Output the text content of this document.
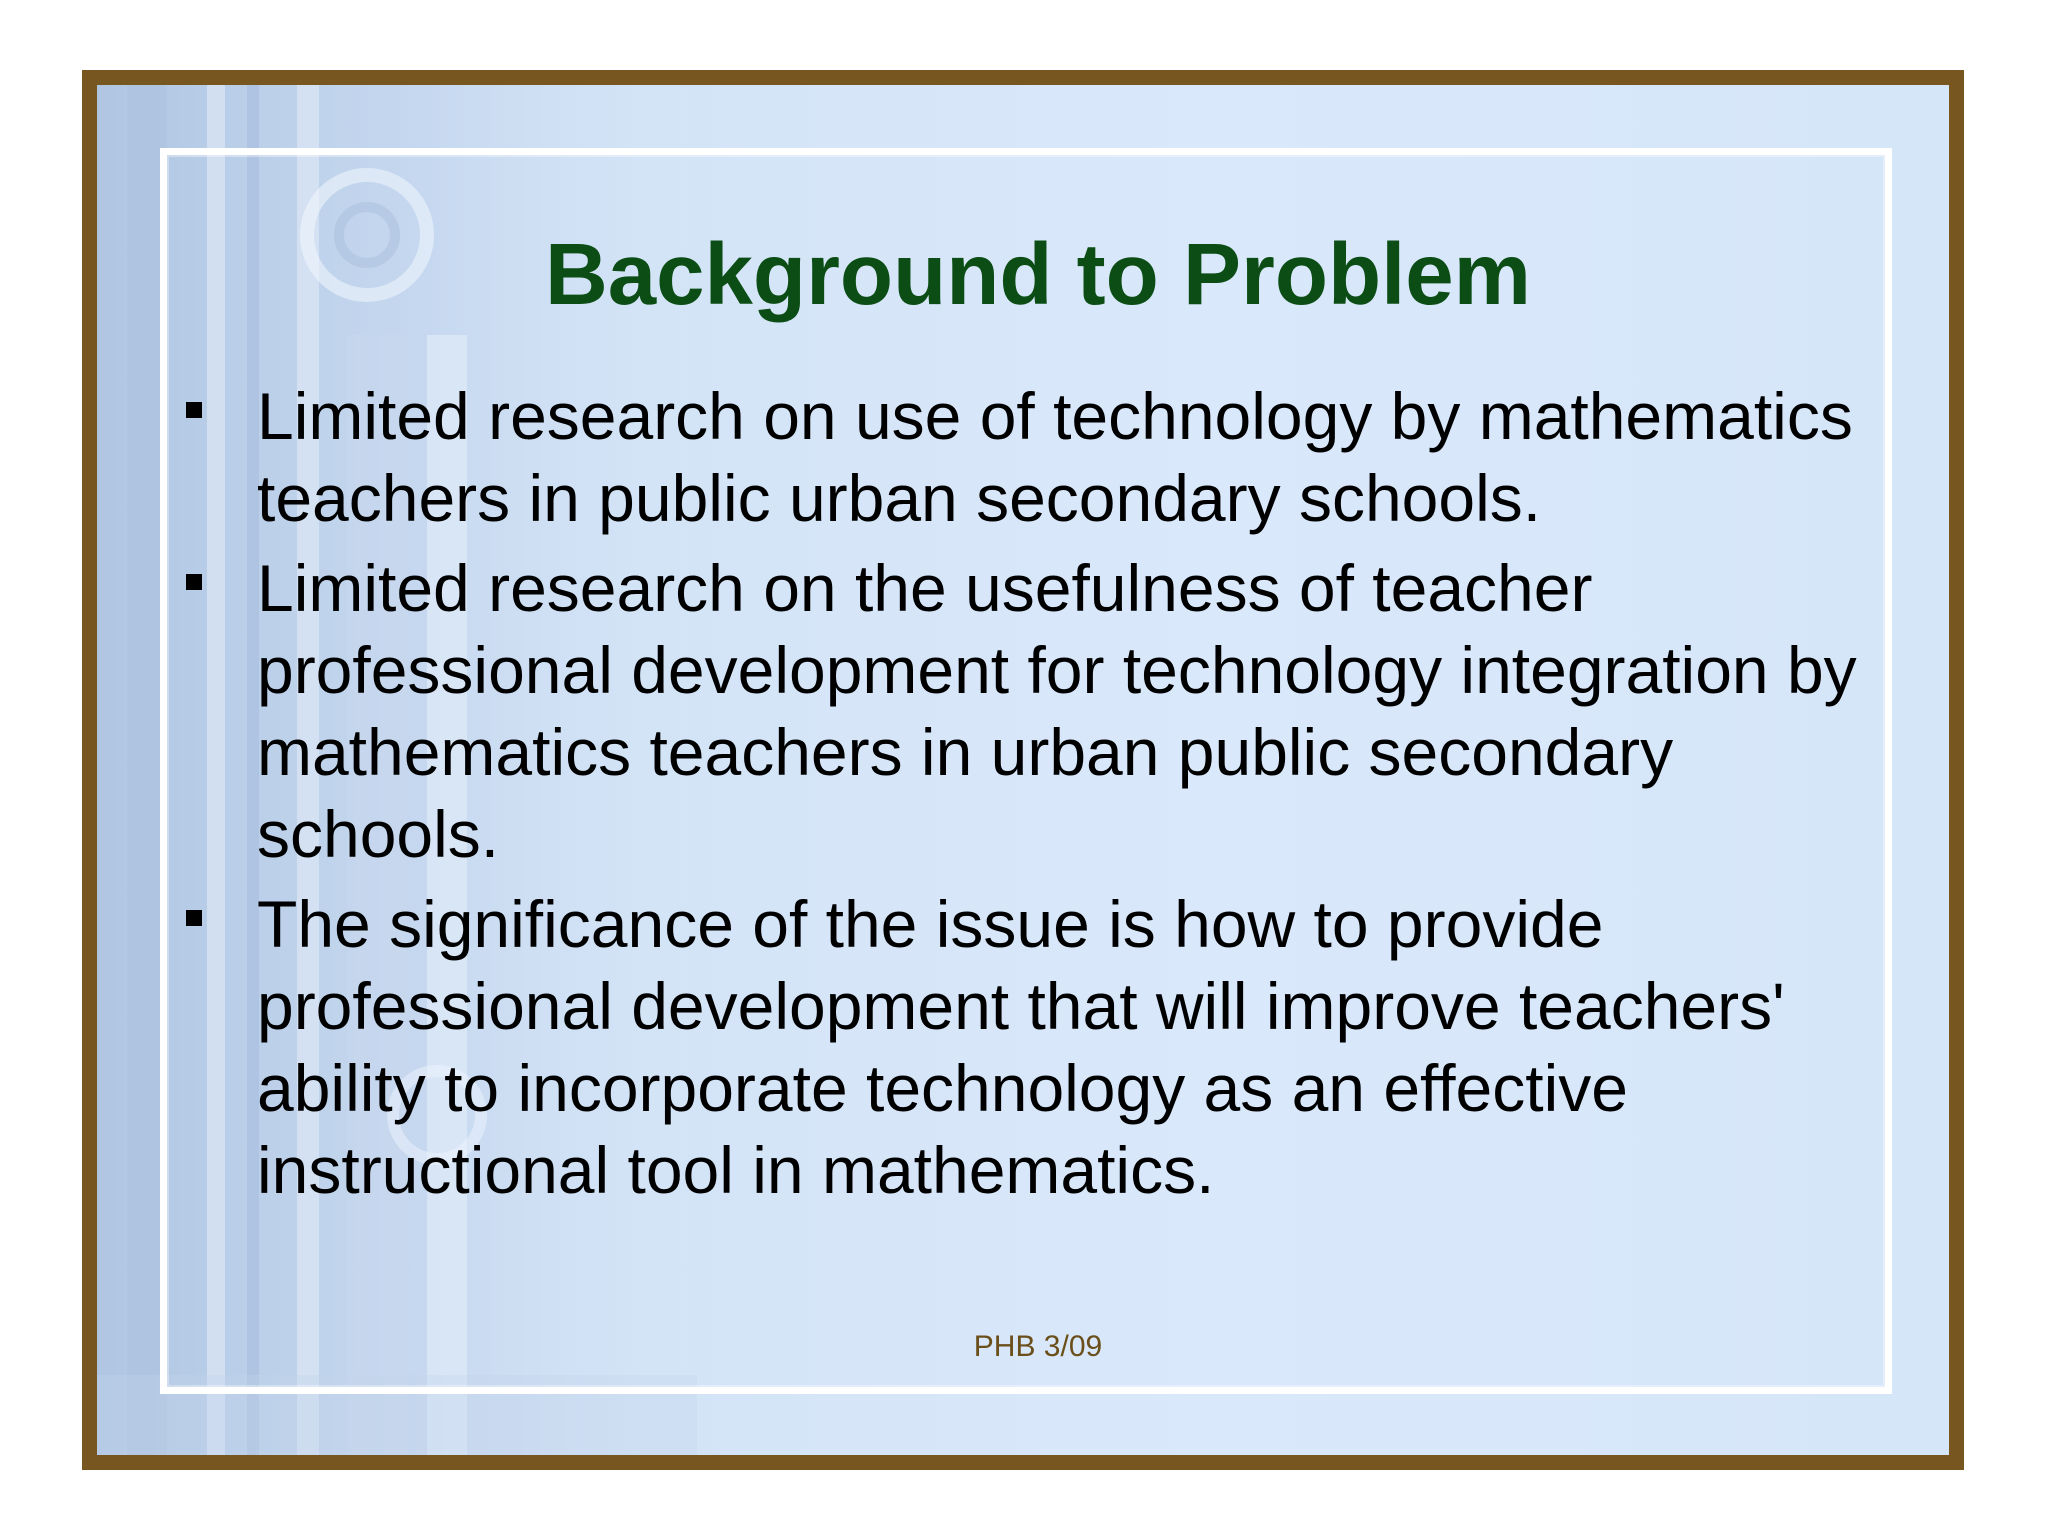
Background to Problem
Limited research on use of technology by mathematics teachers in public urban secondary schools.
Limited research on the usefulness of teacher professional development for technology integration by mathematics teachers in urban public secondary schools.
The significance of the issue is how to provide professional development that will improve teachers' ability to incorporate technology as an effective instructional tool in mathematics.
PHB 3/09
